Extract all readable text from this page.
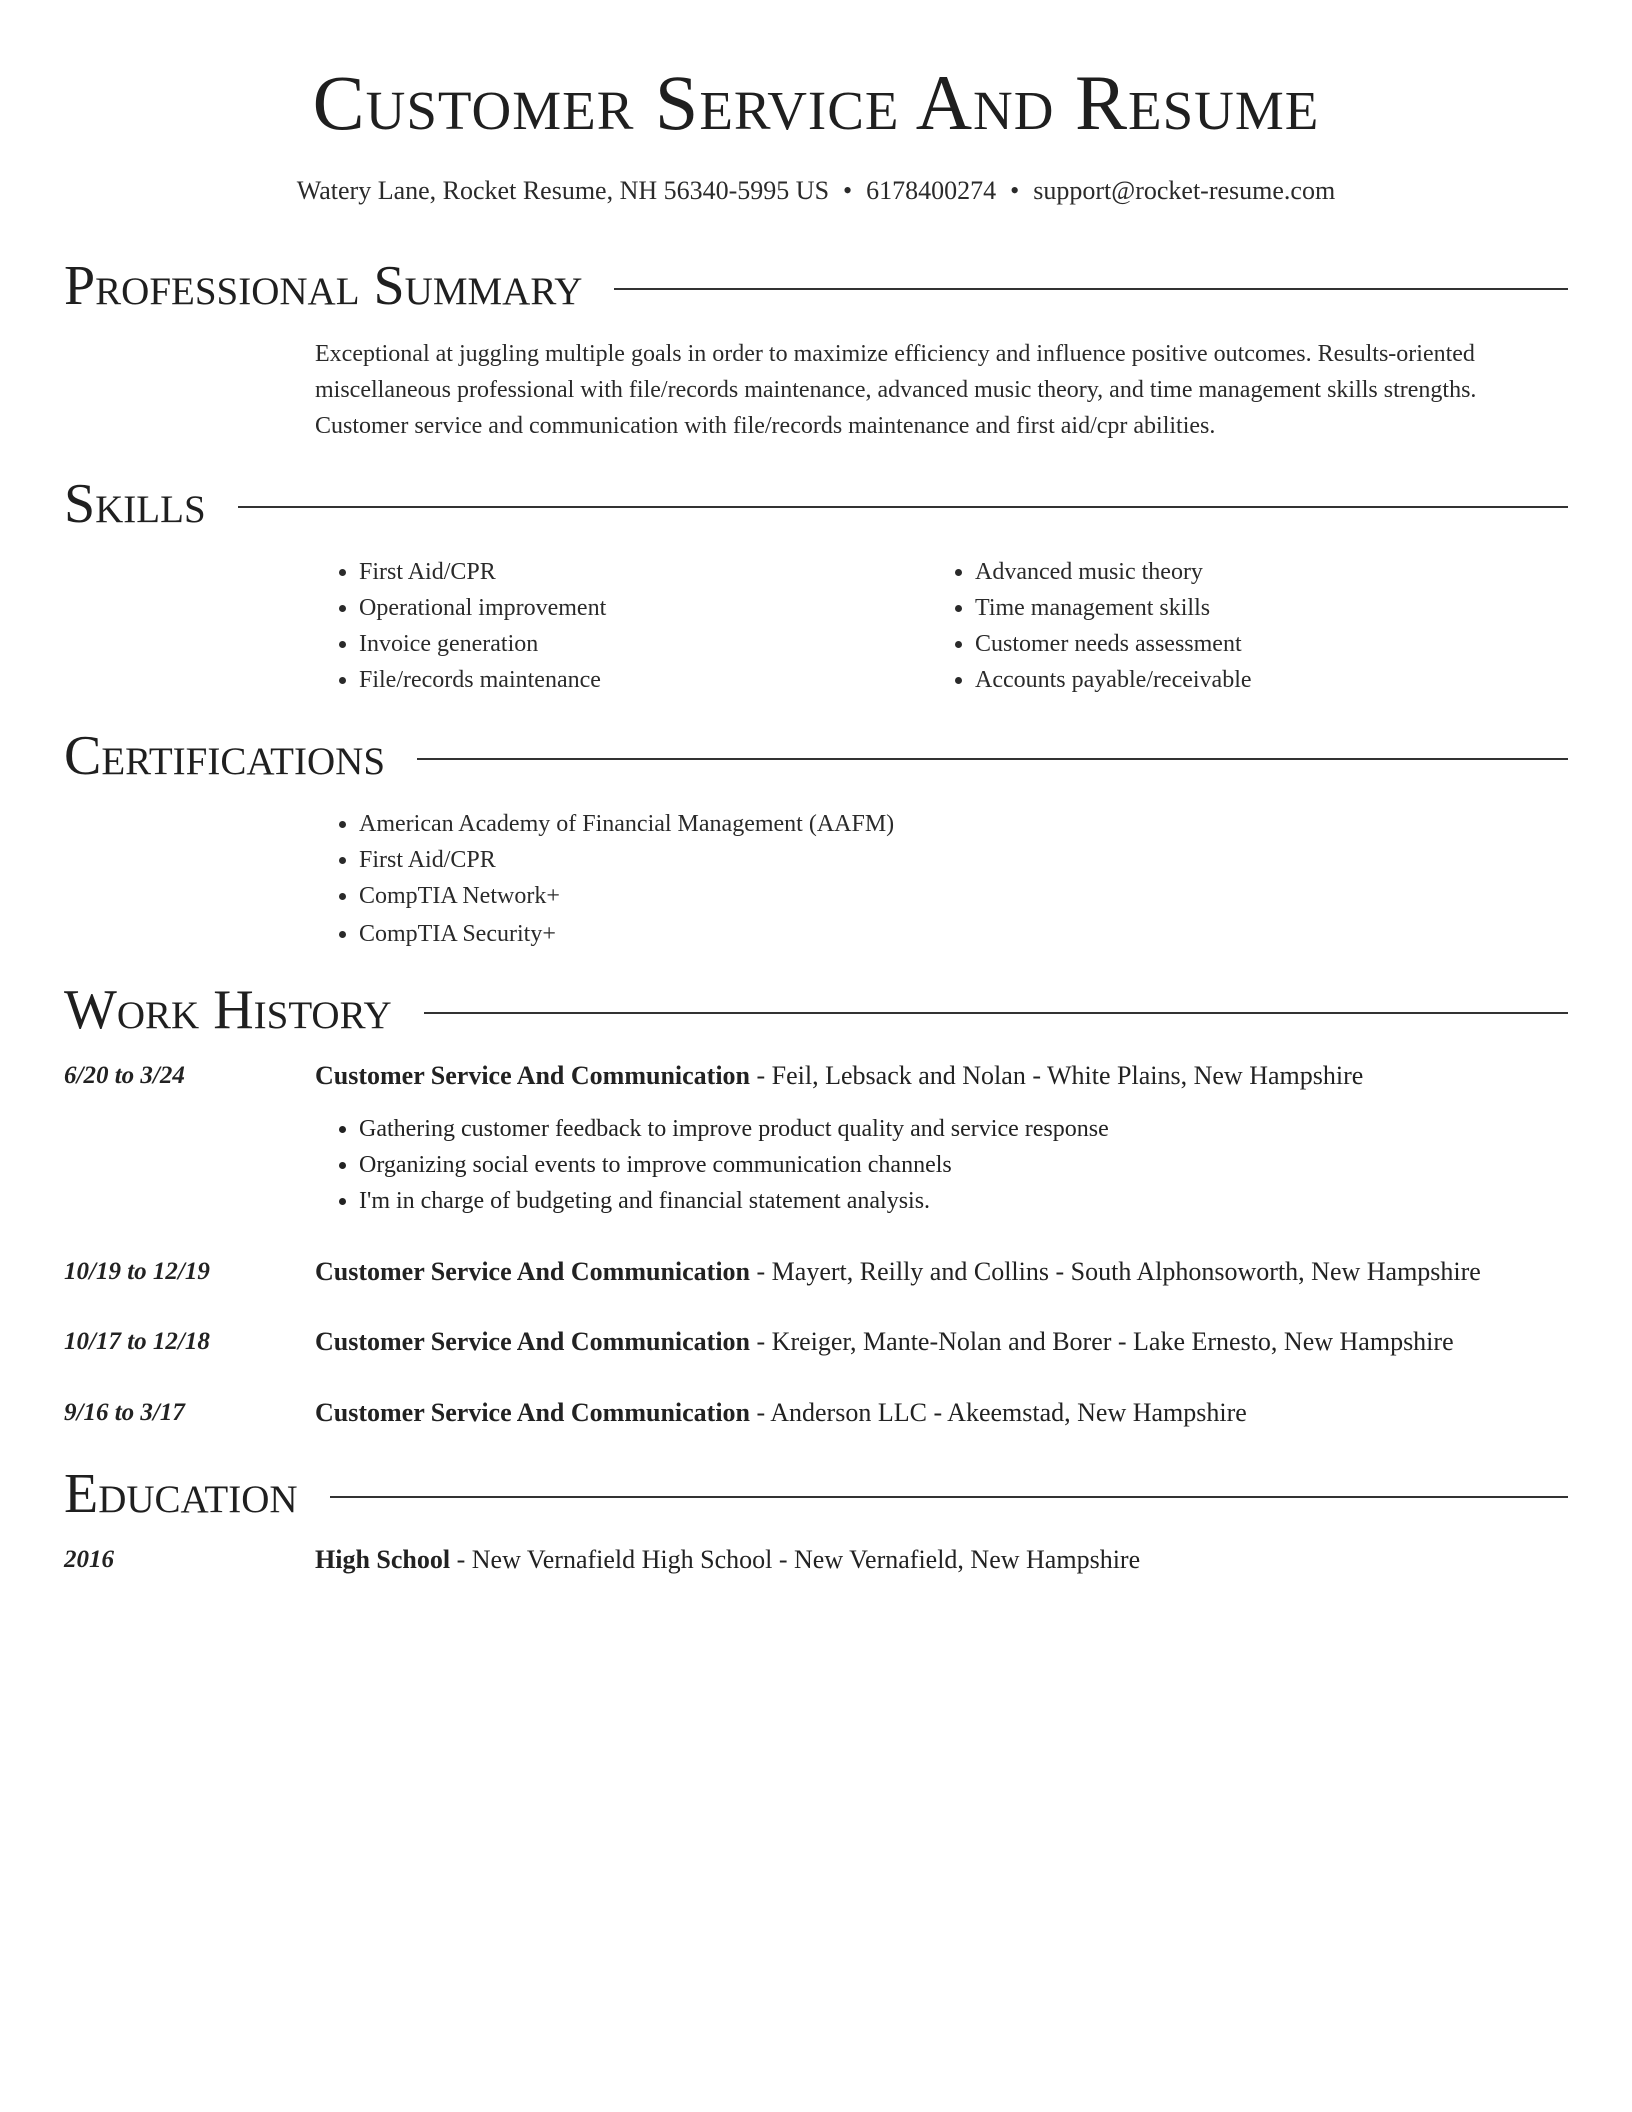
Customer Service And Resume
Watery Lane, Rocket Resume, NH 56340-5995 US • 6178400274 • support@rocket-resume.com
Professional Summary

Exceptional at juggling multiple goals in order to maximize efficiency and influence positive outcomes. Results-oriented

miscellaneous professional with file/records maintenance, advanced music theory, and time management skills strengths.

Customer service and communication with file/records maintenance and first aid/cpr abilities.

Skills
• First Aid/CPR
• Operational improvement
• Invoice generation
• File/records maintenance
• Advanced music theory
• Time management skills
• Customer needs assessment
• Accounts payable/receivable
Certifications
• American Academy of Financial Management (AAFM)
• First Aid/CPR
• CompTIA Network+
• CompTIA Security+
Work History
6/20 to 3/24	Customer Service And Communication - Feil, Lebsack and Nolan - White Plains, New Hampshire
• Gathering customer feedback to improve product quality and service response
• Organizing social events to improve communication channels
• I'm in charge of budgeting and financial statement analysis.
10/19 to 12/19	Customer Service And Communication - Mayert, Reilly and Collins - South Alphonsoworth, New Hampshire
10/17 to 12/18	Customer Service And Communication - Kreiger, Mante-Nolan and Borer - Lake Ernesto, New Hampshire
9/16 to 3/17	Customer Service And Communication - Anderson LLC - Akeemstad, New Hampshire
Education
2016	High School - New Vernafield High School - New Vernafield, New Hampshire
